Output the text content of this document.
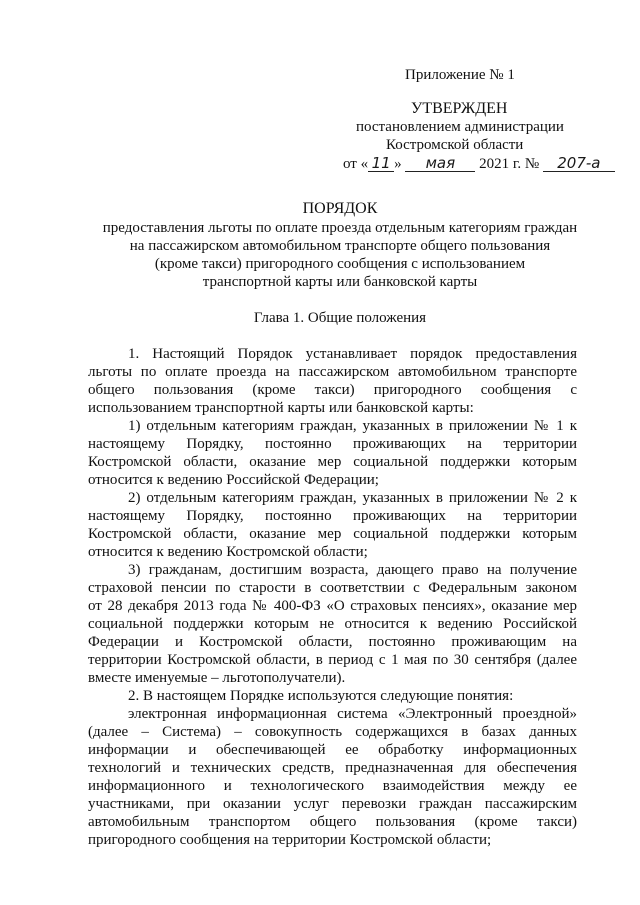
Приложение № 1
УТВЕРЖДЕН
постановлением администрации
Костромской области
от « 11 » мая 2021 г. № 207-а
ПОРЯДОК
предоставления льготы по оплате проезда отдельным категориям граждан
на пассажирском автомобильном транспорте общего пользования
(кроме такси) пригородного сообщения с использованием
транспортной карты или банковской карты
Глава 1. Общие положения
1. Настоящий Порядок устанавливает порядок предоставления
льготы по оплате проезда на пассажирском автомобильном транспорте
общего пользования (кроме такси) пригородного сообщения с
использованием транспортной карты или банковской карты:
1) отдельным категориям граждан, указанных в приложении № 1 к
настоящему Порядку, постоянно проживающих на территории
Костромской области, оказание мер социальной поддержки которым
относится к ведению Российской Федерации;
2) отдельным категориям граждан, указанных в приложении № 2 к
настоящему Порядку, постоянно проживающих на территории
Костромской области, оказание мер социальной поддержки которым
относится к ведению Костромской области;
3) гражданам, достигшим возраста, дающего право на получение
страховой пенсии по старости в соответствии с Федеральным законом
от 28 декабря 2013 года № 400-ФЗ «О страховых пенсиях», оказание мер
социальной поддержки которым не относится к ведению Российской
Федерации и Костромской области, постоянно проживающим на
территории Костромской области, в период с 1 мая по 30 сентября (далее
вместе именуемые – льготополучатели).
2. В настоящем Порядке используются следующие понятия:
электронная информационная система «Электронный проездной»
(далее – Система) – совокупность содержащихся в базах данных
информации и обеспечивающей ее обработку информационных
технологий и технических средств, предназначенная для обеспечения
информационного и технологического взаимодействия между ее
участниками, при оказании услуг перевозки граждан пассажирским
автомобильным транспортом общего пользования (кроме такси)
пригородного сообщения на территории Костромской области;
